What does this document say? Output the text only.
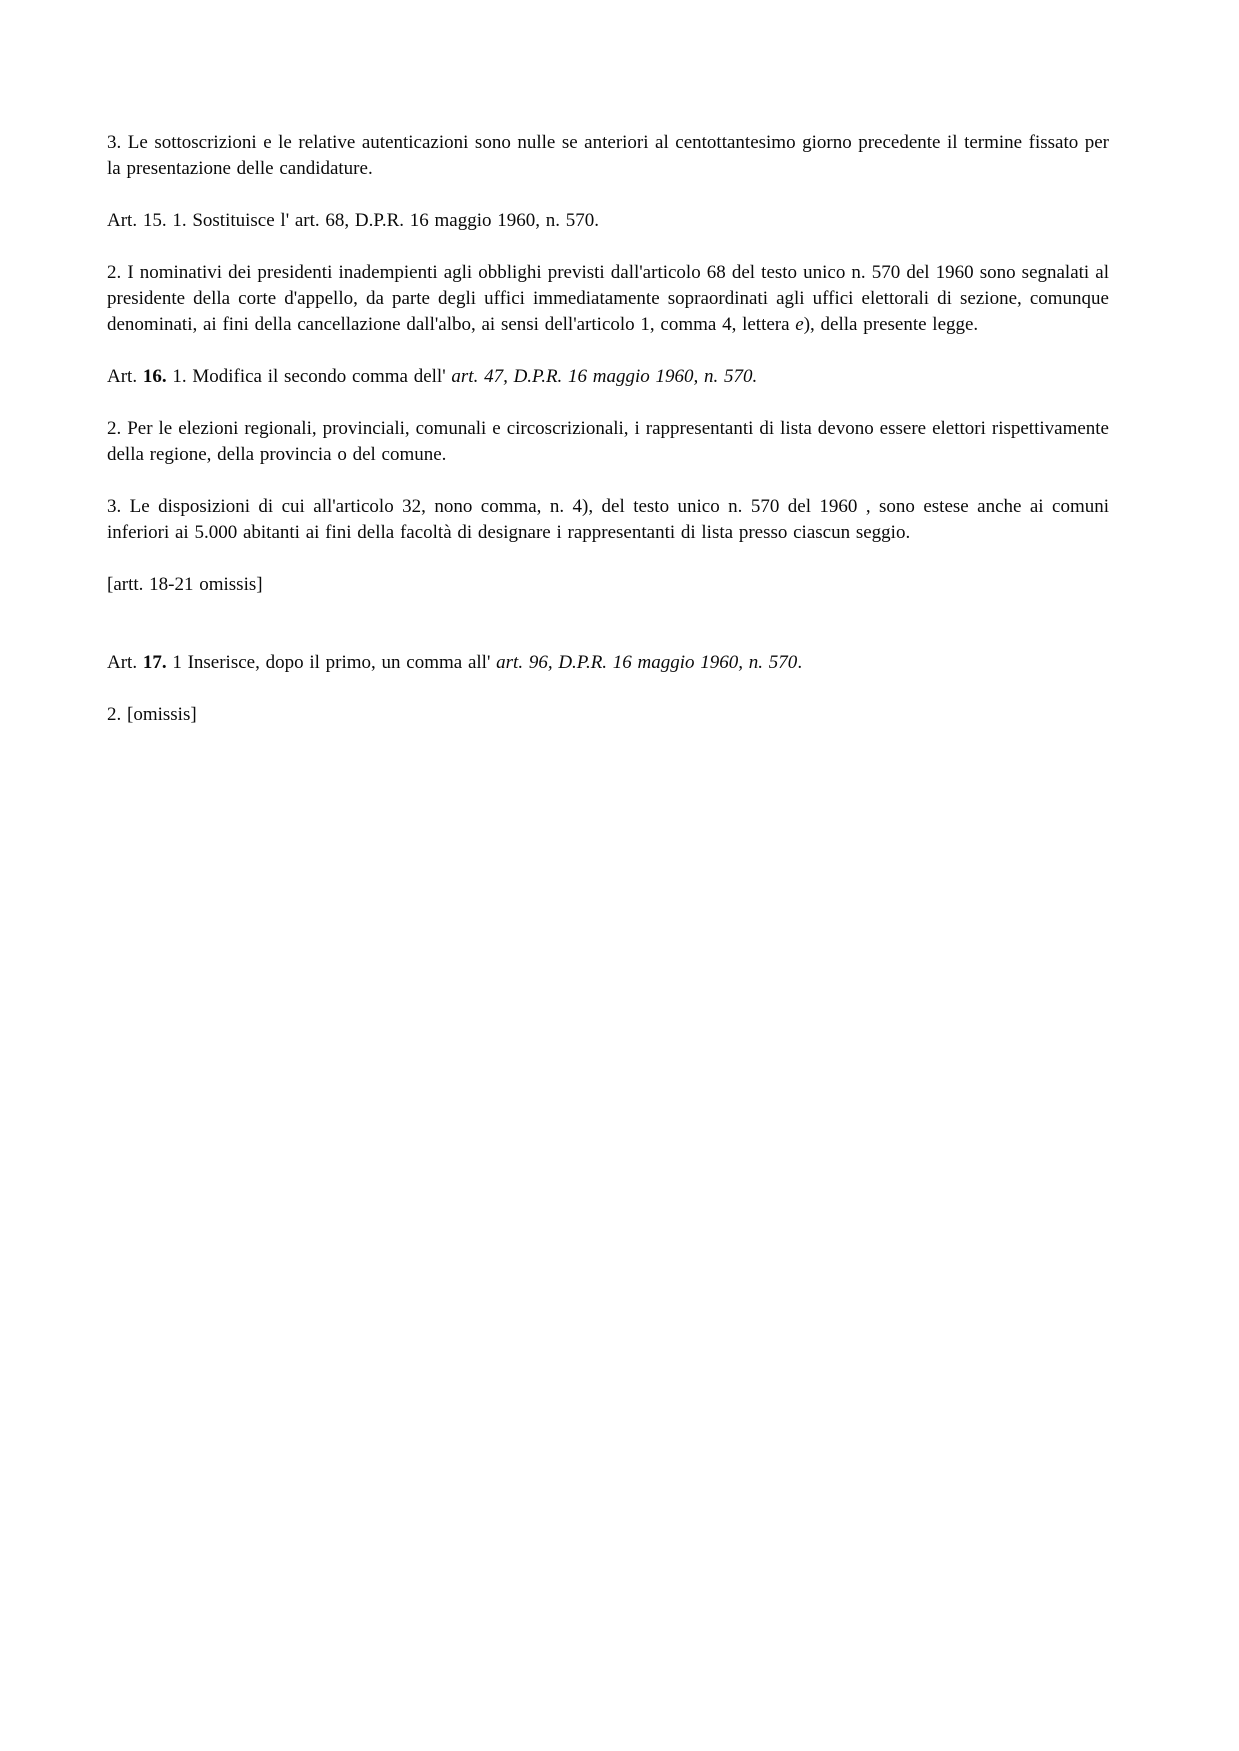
3. Le sottoscrizioni e le relative autenticazioni sono nulle se anteriori al centottantesimo giorno precedente il termine fissato per la presentazione delle candidature.

Art. 15. 1. Sostituisce l' art. 68, D.P.R. 16 maggio 1960, n. 570.

2. I nominativi dei presidenti inadempienti agli obblighi previsti dall'articolo 68 del testo unico n. 570 del 1960 sono segnalati al presidente della corte d'appello, da parte degli uffici immediatamente sopraordinati agli uffici elettorali di sezione, comunque denominati, ai fini della cancellazione dall'albo, ai sensi dell'articolo 1, comma 4, lettera e), della presente legge.

Art. 16. 1. Modifica il secondo comma dell' art. 47, D.P.R. 16 maggio 1960, n. 570.

2. Per le elezioni regionali, provinciali, comunali e circoscrizionali, i rappresentanti di lista devono essere elettori rispettivamente della regione, della provincia o del comune.

3. Le disposizioni di cui all'articolo 32, nono comma, n. 4), del testo unico n. 570 del 1960 , sono estese anche ai comuni inferiori ai 5.000 abitanti ai fini della facoltà di designare i rappresentanti di lista presso ciascun seggio.

[artt. 18-21 omissis]

Art. 17. 1 Inserisce, dopo il primo, un comma all' art. 96, D.P.R. 16 maggio 1960, n. 570.

2. [omissis]
